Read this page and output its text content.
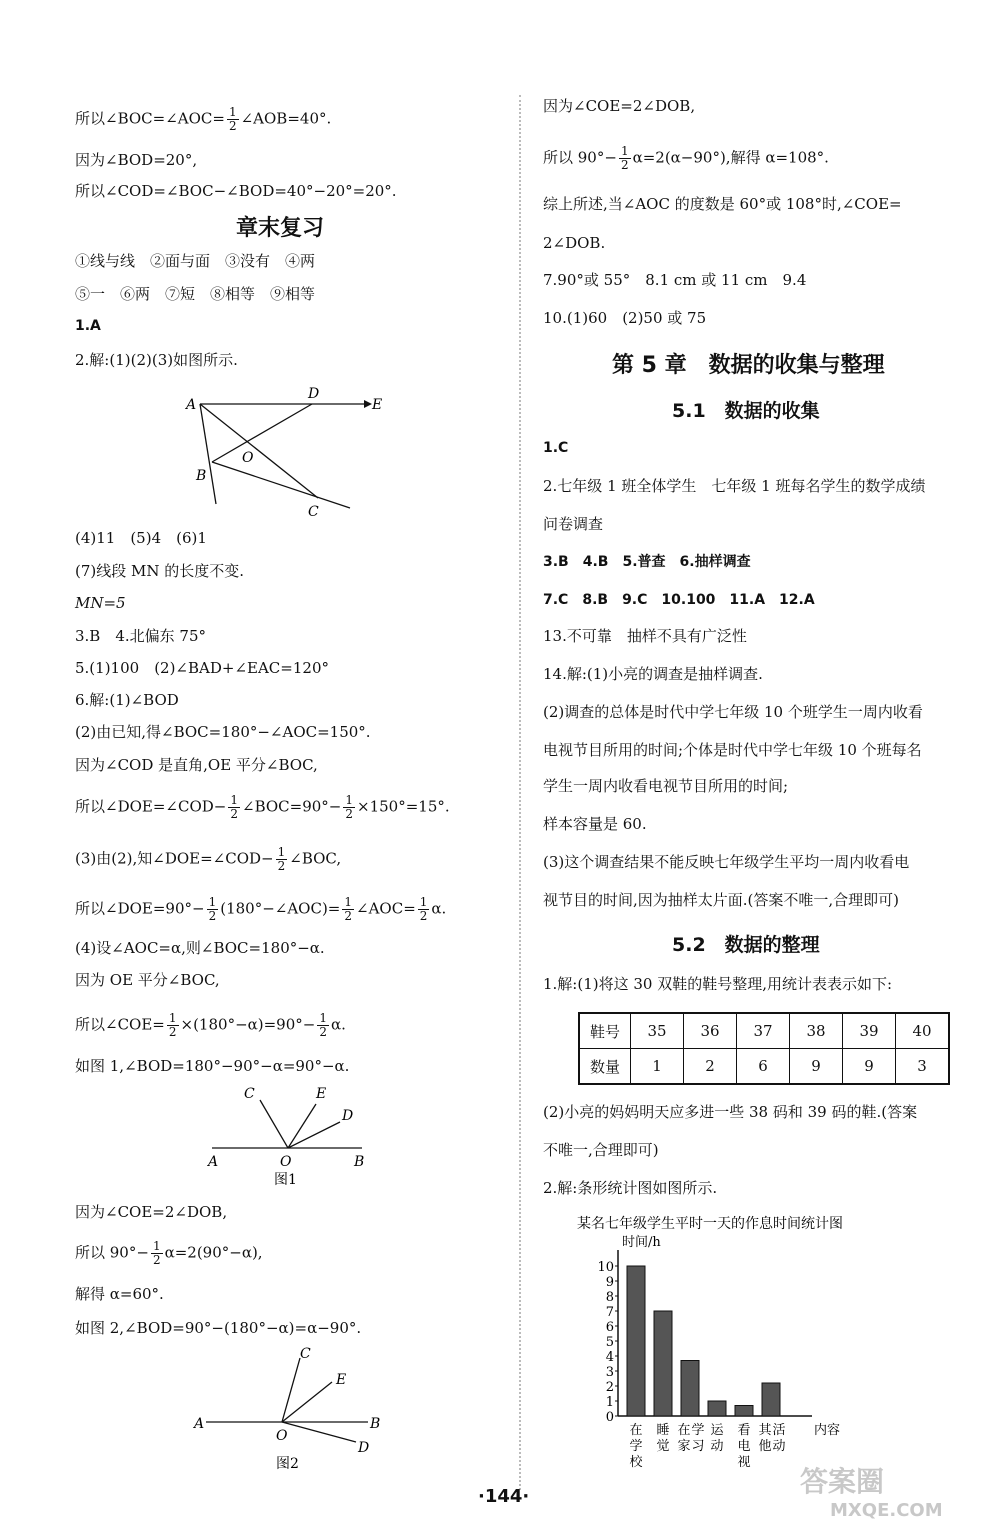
所以∠BOC=∠AOC= $\frac{1}{2}$ ∠AOB=40°.
因为∠BOD=20°,
所以∠COD=∠BOC−∠BOD=40°−20°=20°.
章末复习
①线与线　②面与面　③没有　④两
⑤一　⑥两　⑦短　⑧相等　⑨相等
1.A
2.解:(1)(2)(3)如图所示.
A
D
E
O
B
C
(4)11　(5)4　(6)1
(7)线段 MN 的长度不变.
MN=5
3.B　4.北偏东 75°
5.(1)100　(2)∠BAD+∠EAC=120°
6.解:(1)∠BOD
(2)由已知,得∠BOC=180°−∠AOC=150°.
因为∠COD 是直角,OE 平分∠BOC,
所以∠DOE=∠COD− $\frac{1}{2}$ ∠BOC=90°− $\frac{1}{2} \times 150^\circ=15^\circ$.
(3)由(2),知∠DOE=∠COD− $\frac{1}{2}$ ∠BOC,
所以∠DOE=90°− $\frac{1}{2}$ (180°−∠AOC)= $\frac{1}{2}$ ∠AOC= $\frac{1}{2} \alpha$.
(4)设∠AOC=α,则∠BOC=180°−α.
因为 OE 平分∠BOC,
所以∠COE= $\frac{1}{2} \times(180^\circ-\alpha)=90^\circ- \frac{1}{2} \alpha$.
如图 1,∠BOD=180°−90°−α=90°−α.
C	E
D
A	O	B
图1
因为∠COE=2∠DOB,
所以 $90^\circ- \frac{1}{2} \alpha=2(90^\circ-\alpha)$,
解得 α=60°.
如图 2,∠BOD=90°−(180°−α)=α−90°.
C
E
D
A
O
B
图2
因为∠COE=2∠DOB,
所以 $90^\circ- \frac{1}{2} \alpha=2(\alpha-90^\circ)$,解得 α=108°.
综上所述,当∠AOC 的度数是 60°或 108°时,∠COE=
2∠DOB.
7.90°或 55°　8.1 cm 或 11 cm　9.4
10.(1)60　(2)50 或 75
第 5 章　数据的收集与整理
5.1　数据的收集
1.C
2.七年级 1 班全体学生　七年级 1 班每名学生的数学成绩
问卷调查
3.B　4.B　5.普查　6.抽样调查
7.C　8.B　9.C　10.100　11.A　12.A
13.不可靠　抽样不具有广泛性
14.解:(1)小亮的调查是抽样调查.
(2)调查的总体是时代中学七年级 10 个班学生一周内收看
电视节目所用的时间;个体是时代中学七年级 10 个班每名
学生一周内收看电视节目所用的时间;
样本容量是 60.
(3)这个调查结果不能反映七年级学生平均一周内收看电
视节目的时间,因为抽样太片面.(答案不唯一,合理即可)
5.2　数据的整理
1.解:(1)将这 30 双鞋的鞋号整理,用统计表表示如下:
鞋号	35	36	37	38	39	40
数量	1	2	6	9	9	3
(2)小亮的妈妈明天应多进一些 38 码和 39 码的鞋.(答案
不唯一,合理即可)
2.解:条形统计图如图所示.
某名七年级学生平时一天的作息时间统计图
时间/h
内容
0
1
2
3
4
5
6
7
8
9
10
在
学
校
睡
觉
在
家
学
习
运
动
看
电
视
其
他
活
动
·144·	答案圈
MXQE.COM
